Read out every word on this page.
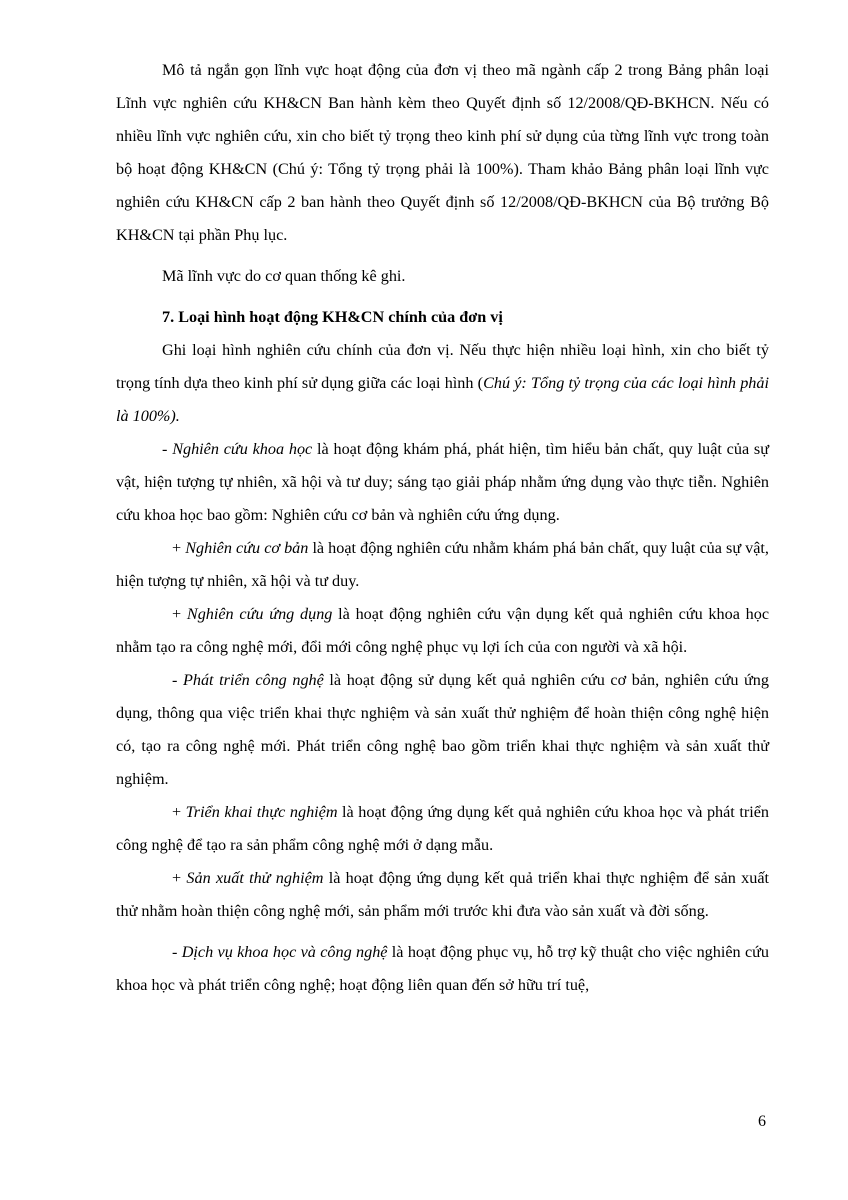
Mô tả ngắn gọn lĩnh vực hoạt động của đơn vị theo mã ngành cấp 2 trong Bảng phân loại Lĩnh vực nghiên cứu KH&CN Ban hành kèm theo Quyết định số 12/2008/QĐ-BKHCN. Nếu có nhiều lĩnh vực nghiên cứu, xin cho biết tỷ trọng theo kinh phí sử dụng của từng lĩnh vực trong toàn bộ hoạt động KH&CN (Chú ý: Tổng tỷ trọng phải là 100%). Tham khảo Bảng phân loại lĩnh vực nghiên cứu KH&CN cấp 2 ban hành theo Quyết định số 12/2008/QĐ-BKHCN của Bộ trưởng Bộ KH&CN tại phần Phụ lục.

Mã lĩnh vực do cơ quan thống kê ghi.

7. Loại hình hoạt động KH&CN chính của đơn vị

Ghi loại hình nghiên cứu chính của đơn vị. Nếu thực hiện nhiều loại hình, xin cho biết tỷ trọng tính dựa theo kinh phí sử dụng giữa các loại hình (Chú ý: Tổng tỷ trọng của các loại hình phải là 100%).

- Nghiên cứu khoa học là hoạt động khám phá, phát hiện, tìm hiểu bản chất, quy luật của sự vật, hiện tượng tự nhiên, xã hội và tư duy; sáng tạo giải pháp nhằm ứng dụng vào thực tiễn. Nghiên cứu khoa học bao gồm: Nghiên cứu cơ bản và nghiên cứu ứng dụng.

+ Nghiên cứu cơ bản là hoạt động nghiên cứu nhằm khám phá bản chất, quy luật của sự vật, hiện tượng tự nhiên, xã hội và tư duy.

+ Nghiên cứu ứng dụng là hoạt động nghiên cứu vận dụng kết quả nghiên cứu khoa học nhằm tạo ra công nghệ mới, đổi mới công nghệ phục vụ lợi ích của con người và xã hội.

- Phát triển công nghệ là hoạt động sử dụng kết quả nghiên cứu cơ bản, nghiên cứu ứng dụng, thông qua việc triển khai thực nghiệm và sản xuất thử nghiệm để hoàn thiện công nghệ hiện có, tạo ra công nghệ mới. Phát triển công nghệ bao gồm triển khai thực nghiệm và sản xuất thử nghiệm.

+ Triển khai thực nghiệm là hoạt động ứng dụng kết quả nghiên cứu khoa học và phát triển công nghệ để tạo ra sản phẩm công nghệ mới ở dạng mẫu.

+ Sản xuất thử nghiệm là hoạt động ứng dụng kết quả triển khai thực nghiệm để sản xuất thử nhằm hoàn thiện công nghệ mới, sản phẩm mới trước khi đưa vào sản xuất và đời sống.

- Dịch vụ khoa học và công nghệ là hoạt động phục vụ, hỗ trợ kỹ thuật cho việc nghiên cứu khoa học và phát triển công nghệ; hoạt động liên quan đến sở hữu trí tuệ,

6
